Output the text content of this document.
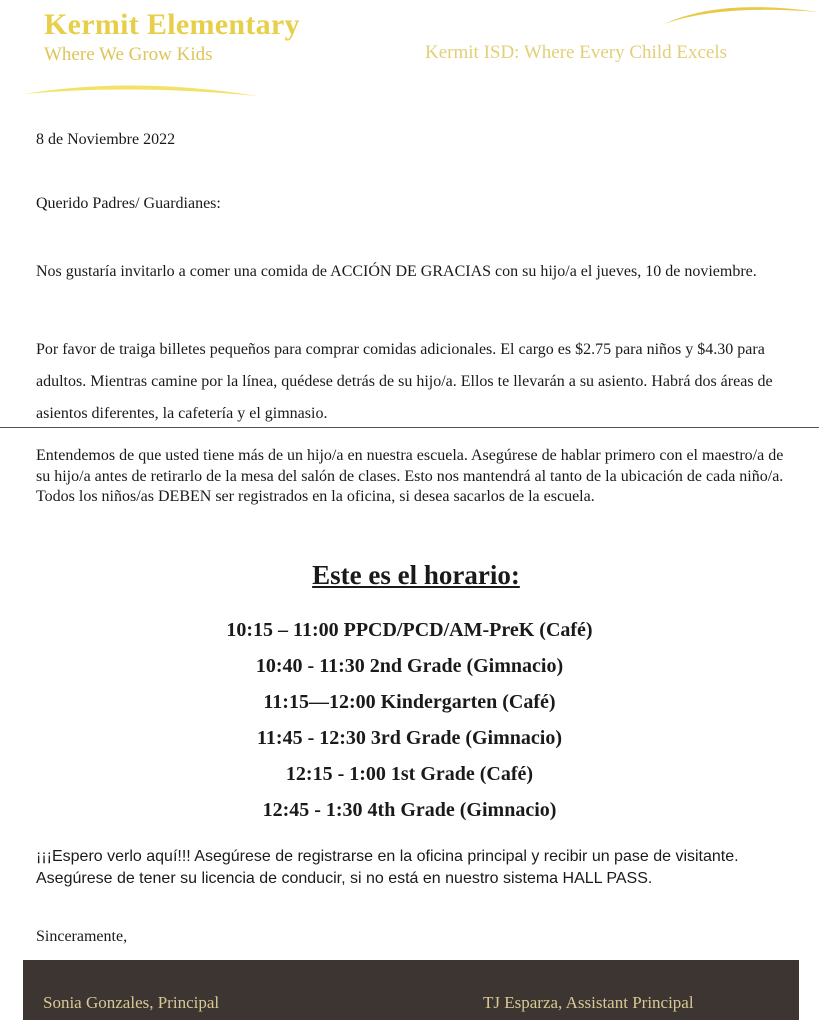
Kermit Elementary
Where We Grow Kids	Kermit ISD: Where Every Child Excels
8 de Noviembre 2022
Querido Padres/ Guardianes:
Nos gustaría invitarlo a comer una comida de ACCIÓN DE GRACIAS con su hijo/a el jueves, 10 de noviembre.
Por favor de traiga billetes pequeños para comprar comidas adicionales. El cargo es $2.75 para niños y $4.30 para adultos. Mientras camine por la línea, quédese detrás de su hijo/a. Ellos te llevarán a su asiento. Habrá dos áreas de asientos diferentes, la cafetería y el gimnasio.
Entendemos de que usted tiene más de un hijo/a en nuestra escuela. Asegúrese de hablar primero con el maestro/a de su hijo/a antes de retirarlo de la mesa del salón de clases. Esto nos mantendrá al tanto de la ubicación de cada niño/a. Todos los niños/as DEBEN ser registrados en la oficina, si desea sacarlos de la escuela.
Este es el horario:
10:15 – 11:00 PPCD/PCD/AM-PreK (Café)
10:40 - 11:30 2nd Grade (Gimnacio)
11:15—12:00 Kindergarten (Café)
11:45 - 12:30 3rd Grade (Gimnacio)
12:15 - 1:00 1st Grade (Café)
12:45 - 1:30 4th Grade (Gimnacio)
¡¡¡Espero verlo aquí!!! Asegúrese de registrarse en la oficina principal y recibir un pase de visitante. Asegúrese de tener su licencia de conducir, si no está en nuestro sistema HALL PASS.
Sinceramente,
Sonia Gonzales, Principal	TJ Esparza, Assistant Principal
